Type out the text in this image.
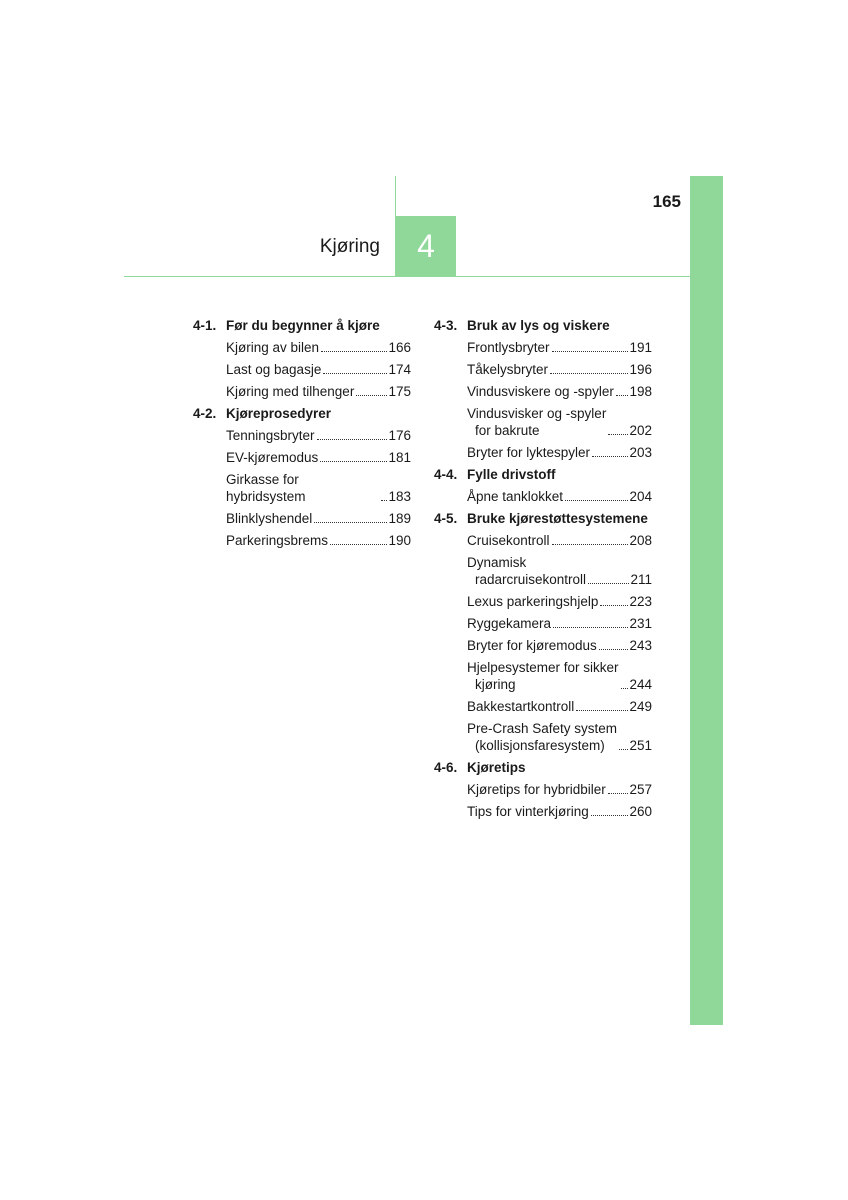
4
Kjøring
165
4-1. Før du begynner å kjøre
Kjøring av bilen	166
Last og bagasje	174
Kjøring med tilhenger	175
4-2. Kjøreprosedyrer
Tenningsbryter	176
EV-kjøremodus	181
Girkasse for hybridsystem	183
Blinklyshendel	189
Parkeringsbrems	190
4-3. Bruk av lys og viskere
Frontlysbryter	191
Tåkelysbryter	196
Vindusviskere og -spyler 198
Vindusvisker og -spyler
for bakrute	202
Bryter for lyktespyler	203
4-4. Fylle drivstoff
Åpne tanklokket	204
4-5. Bruke kjørestøttesystemene
Cruisekontroll	208
Dynamisk
radarcruisekontroll	211
Lexus parkeringshjelp 223
Ryggekamera	231
Bryter for kjøremodus 243
Hjelpesystemer for sikker
kjøring	244
Bakkestartkontroll	249
Pre-Crash Safety system
(kollisjonsfaresystem)	251
4-6. Kjøretips
Kjøretips for hybridbiler 257
Tips for vinterkjøring	260
